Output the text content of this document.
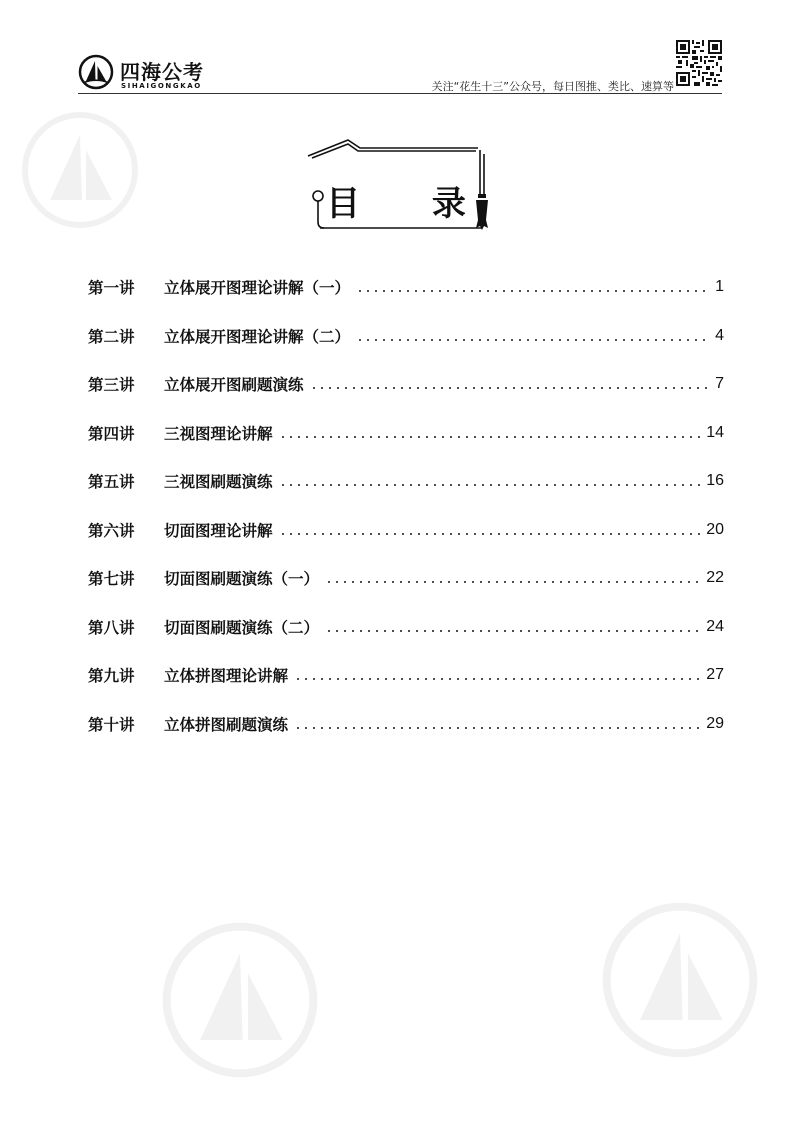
四海公考
SIHAIGONGKAO	关注“花生十三”公众号，每日图推、类比、速算等
目 录
第一讲	立体展开图理论讲解（一）	1
第二讲	立体展开图理论讲解（二）	4
第三讲	立体展开图刷题演练	7
第四讲	三视图理论讲解	14
第五讲	三视图刷题演练	16
第六讲	切面图理论讲解	20
第七讲	切面图刷题演练（一）	22
第八讲	切面图刷题演练（二）	24
第九讲	立体拼图理论讲解	27
第十讲	立体拼图刷题演练	29
